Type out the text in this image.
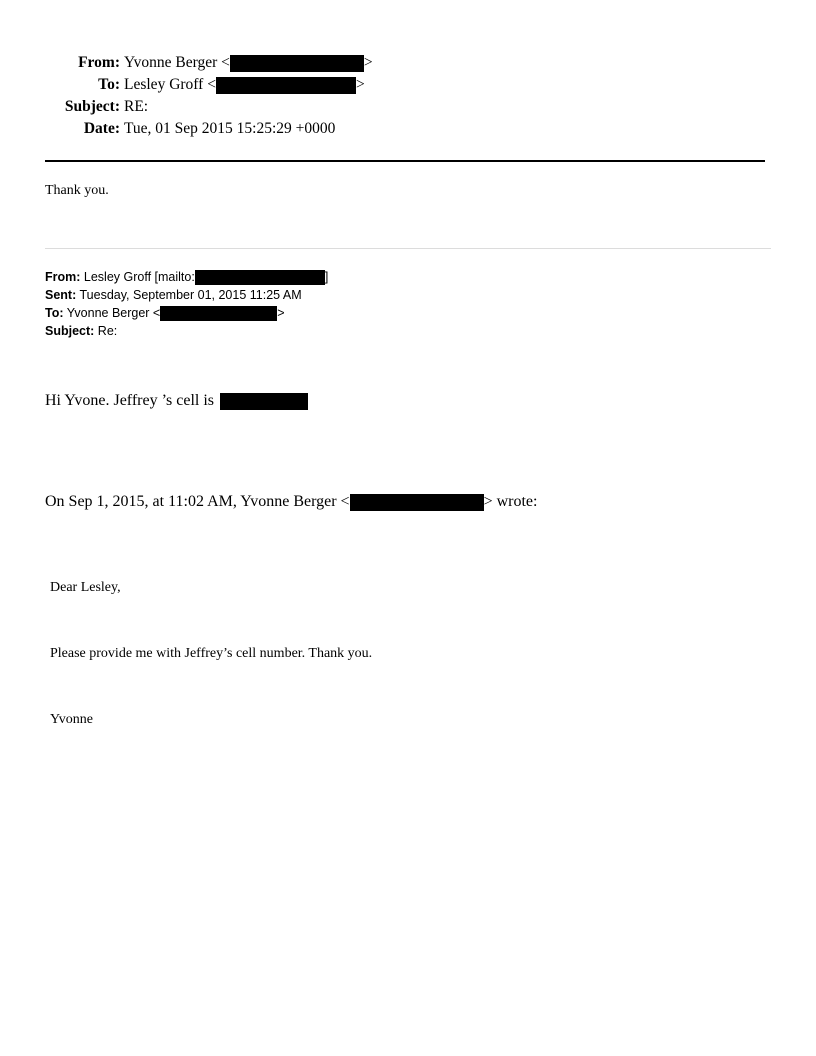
From: Yvonne Berger <	>
To: Lesley Groff <	>
Subject: RE:
Date: Tue, 01 Sep 2015 15:25:29 +0000
Thank you.
From: Lesley Groff [mailto:	]
Sent: Tuesday, September 01, 2015 11:25 AM
To: Yvonne Berger <	>
Subject: Re:
Hi Yvone. Jeffrey ’s cell is
On Sep 1, 2015, at 11:02 AM, Yvonne Berger <	> wrote:
Dear Lesley,
Please provide me with Jeffrey’s cell number. Thank you.
Yvonne
